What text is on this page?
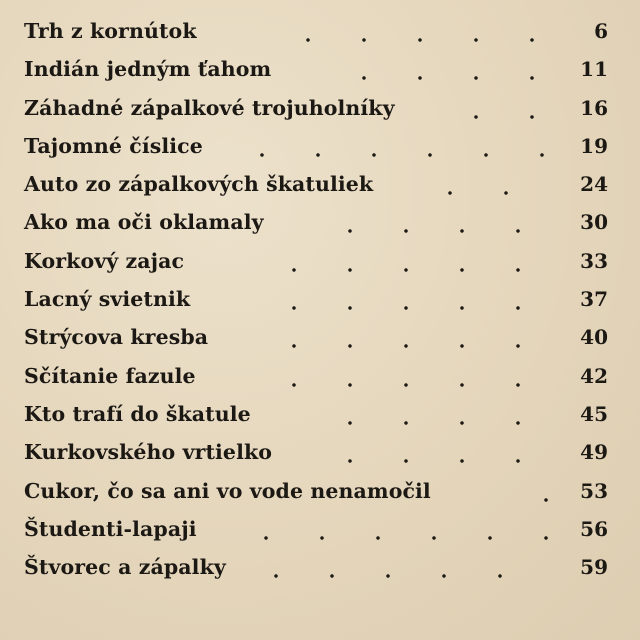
Trh z kornútok	6
Indián jedným ťahom	11
Záhadné zápalkové trojuholníky	16
Tajomné číslice	19
Auto zo zápalkových škatuliek	24
Ako ma oči oklamaly	30
Korkový zajac	33
Lacný svietnik	37
Strýcova kresba	40
Sčítanie fazule	42
Kto trafí do škatule	45
Kurkovského vrtielko	49
Cukor, čo sa ani vo vode nenamočil	53
Študenti-lapaji	56
Štvorec a zápalky	59
